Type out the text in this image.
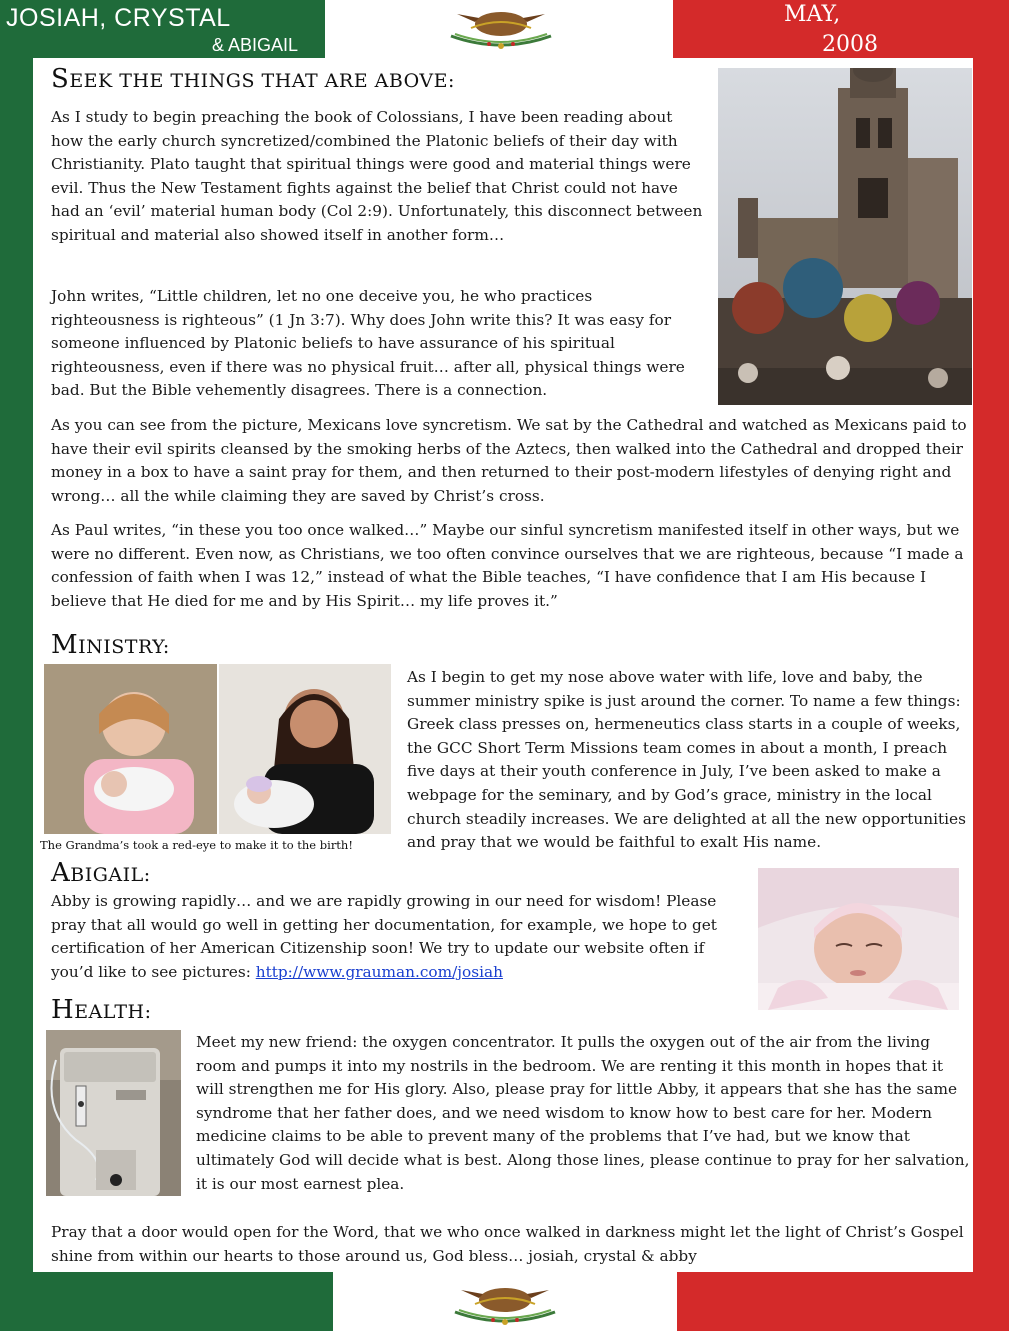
JOSIAH, CRYSTAL
& ABIGAIL
MAY,
2008
SEEK THE THINGS THAT ARE ABOVE:

As I study to begin preaching the book of Colossians, I have been reading about how the early church syncretized/combined the Platonic beliefs of their day with Christianity. Plato taught that spiritual things were good and material things were evil. Thus the New Testament fights against the belief that Christ could not have had an ‘evil’ material human body (Col 2:9). Unfortunately, this disconnect between spiritual and material also showed itself in another form…

John writes, “Little children, let no one deceive you, he who practices righteousness is righteous” (1 Jn 3:7). Why does John write this? It was easy for someone influenced by Platonic beliefs to have assurance of his spiritual righteousness, even if there was no physical fruit… after all, physical things were bad. But the Bible vehemently disagrees. There is a connection.

As you can see from the picture, Mexicans love syncretism. We sat by the Cathedral and watched as Mexicans paid to have their evil spirits cleansed by the smoking herbs of the Aztecs, then walked into the Cathedral and dropped their money in a box to have a saint pray for them, and then returned to their post-modern lifestyles of denying right and wrong… all the while claiming they are saved by Christ’s cross.

As Paul writes, “in these you too once walked…” Maybe our sinful syncretism manifested itself in other ways, but we were no different. Even now, as Christians, we too often convince ourselves that we are righteous, because “I made a confession of faith when I was 12,” instead of what the Bible teaches, “I have confidence that I am His because I believe that He died for me and by His Spirit… my life proves it.”

MINISTRY:
The Grandma’s took a red-eye to make it to the birth!

As I begin to get my nose above water with life, love and baby, the summer ministry spike is just around the corner. To name a few things: Greek class presses on, hermeneutics class starts in a couple of weeks, the GCC Short Term Missions team comes in about a month, I preach five days at their youth conference in July, I’ve been asked to make a webpage for the seminary, and by God’s grace, ministry in the local church steadily increases. We are delighted at all the new opportunities and pray that we would be faithful to exalt His name.

ABIGAIL:

Abby is growing rapidly… and we are rapidly growing in our need for wisdom! Please pray that all would go well in getting her documentation, for example, we hope to get certification of her American Citizenship soon! We try to update our website often if you’d like to see pictures: http://www.grauman.com/josiah

HEALTH:

Meet my new friend: the oxygen concentrator. It pulls the oxygen out of the air from the living room and pumps it into my nostrils in the bedroom. We are renting it this month in hopes that it will strengthen me for His glory. Also, please pray for little Abby, it appears that she has the same syndrome that her father does, and we need wisdom to know how to best care for her. Modern medicine claims to be able to prevent many of the problems that I’ve had, but we know that ultimately God will decide what is best. Along those lines, please continue to pray for her salvation, it is our most earnest plea.

Pray that a door would open for the Word, that we who once walked in darkness might let the light of Christ’s Gospel shine from within our hearts to those around us, God bless… josiah, crystal & abby
